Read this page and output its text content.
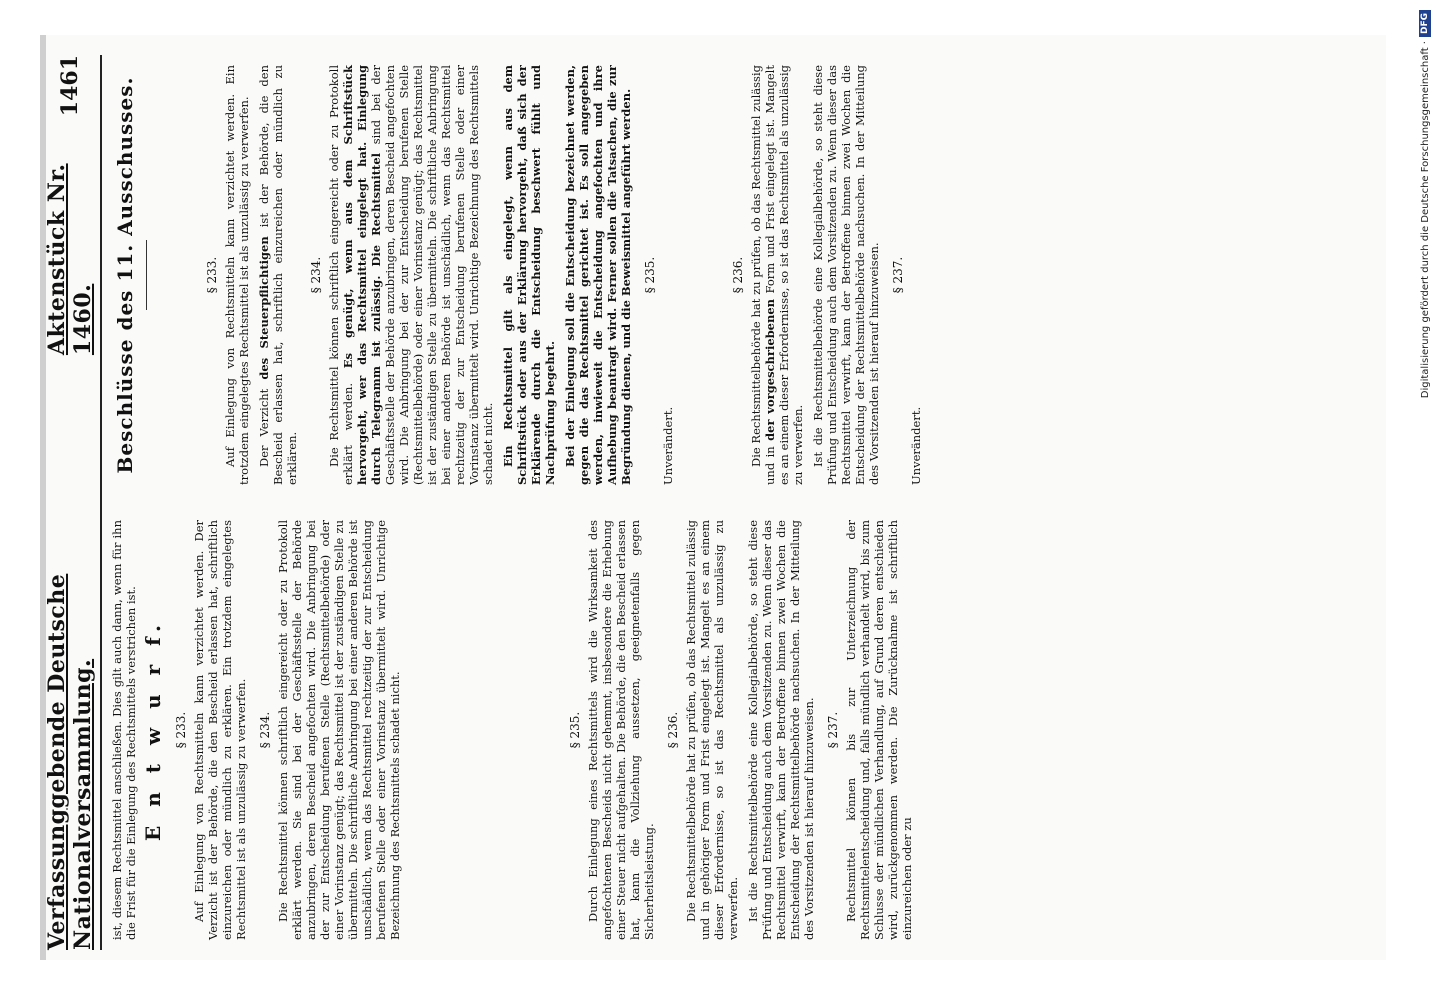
Verfassunggebende Deutsche Nationalversammlung.
Aktenstück Nr. 1460.
1461

ist, diesem Rechtsmittel anschließen. Dies gilt auch dann, wenn für ihn die Frist für die Einlegung des Rechtsmittels verstrichen ist. E n t w u r f. § 233. Auf Einlegung von Rechtsmitteln kann verzichtet werden. Der Verzicht ist der Behörde, die den Bescheid erlassen hat, schriftlich einzureichen oder mündlich zu erklären. Ein trotzdem eingelegtes Rechtsmittel ist als unzulässig zu verwerfen. § 234. Die Rechtsmittel können schriftlich eingereicht oder zu Protokoll erklärt werden. Sie sind bei der Geschäftsstelle der Behörde anzubringen, deren Bescheid angefochten wird. Die Anbringung bei der zur Entscheidung berufenen Stelle (Rechtsmittelbehörde) oder einer Vorinstanz genügt; das Rechtsmittel ist der zuständigen Stelle zu übermitteln. Die schriftliche Anbringung bei einer anderen Behörde ist unschädlich, wenn das Rechtsmittel rechtzeitig der zur Entscheidung berufenen Stelle oder einer Vorinstanz übermittelt wird. Unrichtige Bezeichnung des Rechtsmittels schadet nicht.	§ 235. Durch Einlegung eines Rechtsmittels wird die Wirksamkeit des angefochtenen Bescheids nicht gehemmt, insbesondere die Erhebung einer Steuer nicht aufgehalten. Die Behörde, die den Bescheid erlassen hat, kann die Vollziehung aussetzen, geeignetenfalls gegen Sicherheitsleistung.

§ 236. Die Rechtsmittelbehörde hat zu prüfen, ob das Rechtsmittel zulässig und in gehöriger Form und Frist eingelegt ist. Mangelt es an einem dieser Erfordernisse, so ist das Rechtsmittel als unzulässig zu verwerfen. Ist die Rechtsmittelbehörde eine Kollegialbehörde, so steht diese Prüfung und Entscheidung auch dem Vorsitzenden zu. Wenn dieser das Rechtsmittel verwirft, kann der Betroffene binnen zwei Wochen die Entscheidung der Rechtsmittelbehörde nachsuchen. In der Mitteilung des Vorsitzenden ist hierauf hinzuweisen. § 237. Rechtsmittel können bis zur Unterzeichnung der Rechtsmittelentscheidung und, falls mündlich verhandelt wird, bis zum Schlusse der mündlichen Verhandlung, auf Grund deren entschieden wird, zurückgenommen werden. Die Zurücknahme ist schriftlich einzureichen oder zu

Beschlüsse des 11. Ausschusses.	§ 233. Auf Einlegung von Rechtsmitteln kann verzichtet werden. Ein trotzdem eingelegtes Rechtsmittel ist als unzulässig zu verwerfen. Der Verzicht des Steuerpflichtigen ist der Behörde, die den Bescheid erlassen hat, schriftlich einzureichen oder mündlich zu erklären.

§ 234. Die Rechtsmittel können schriftlich eingereicht oder zu Protokoll erklärt werden. Es genügt, wenn aus dem Schriftstück hervorgeht, wer das Rechtsmittel eingelegt hat. Einlegung durch Telegramm ist zulässig. Die Rechtsmittel sind bei der Geschäftsstelle der Behörde anzubringen, deren Bescheid angefochten wird. Die Anbringung bei der zur Entscheidung berufenen Stelle (Rechtsmittelbehörde) oder einer Vorinstanz genügt; das Rechtsmittel ist der zuständigen Stelle zu übermitteln. Die schriftliche Anbringung bei einer anderen Behörde ist unschädlich, wenn das Rechtsmittel rechtzeitig der zur Entscheidung berufenen Stelle oder einer Vorinstanz übermittelt wird. Unrichtige Bezeichnung des Rechtsmittels schadet nicht. Ein Rechtsmittel gilt als eingelegt, wenn aus dem Schriftstück oder aus der Erklärung hervorgeht, daß sich der Erklärende durch die Entscheidung beschwert fühlt und Nachprüfung begehrt. Bei der Einlegung soll die Entscheidung bezeichnet werden, gegen die das Rechtsmittel gerichtet ist. Es soll angegeben werden, inwieweit die Entscheidung angefochten und ihre Aufhebung beantragt wird. Ferner sollen die Tatsachen, die zur Begründung dienen, und die Beweismittel angeführt werden. § 235.

Unverändert.

§ 236. Die Rechtsmittelbehörde hat zu prüfen, ob das Rechtsmittel zulässig und in der vorgeschriebenen Form und Frist eingelegt ist. Mangelt es an einem dieser Erfordernisse, so ist das Rechtsmittel als unzulässig zu verwerfen. Ist die Rechtsmittelbehörde eine Kollegialbehörde, so steht diese Prüfung und Entscheidung auch dem Vorsitzenden zu. Wenn dieser das Rechtsmittel verwirft, kann der Betroffene binnen zwei Wochen die Entscheidung der Rechtsmittelbehörde nachsuchen. In der Mitteilung des Vorsitzenden ist hierauf hinzuweisen. § 237.

Unverändert.

Digitalisierung gefördert durch die Deutsche Forschungsgemeinschaft ·
DFG
